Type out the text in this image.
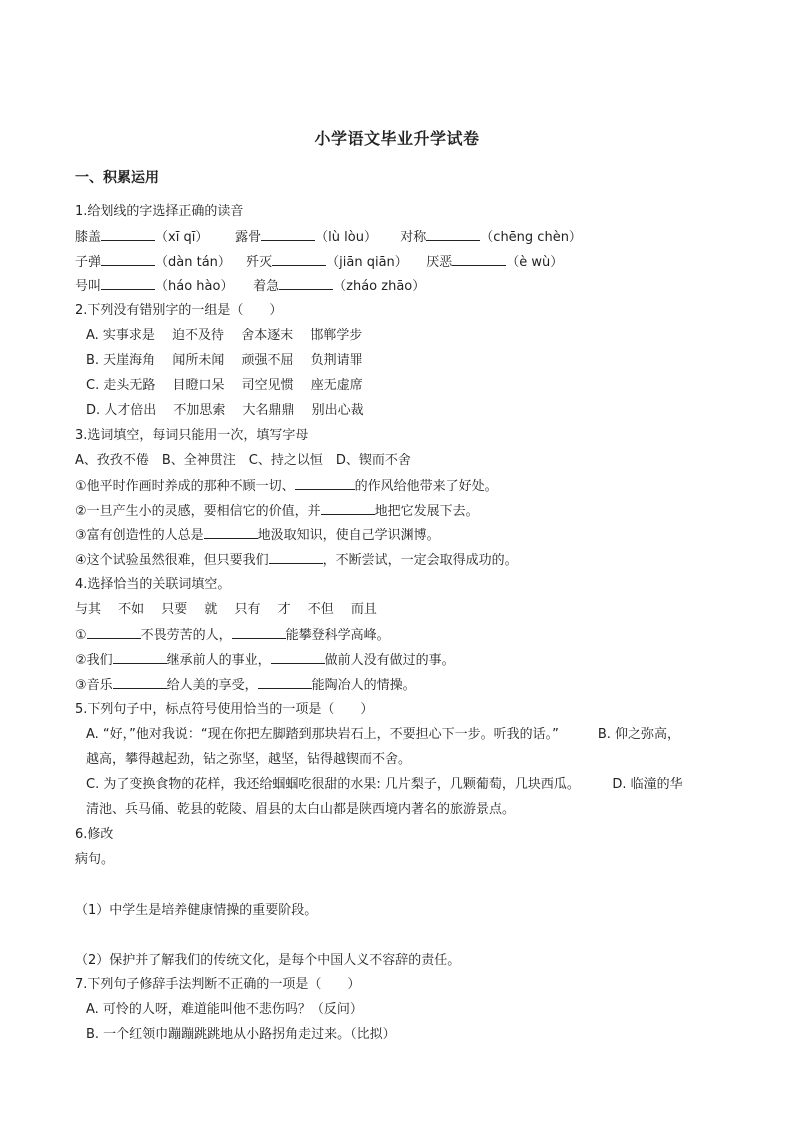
小学语文毕业升学试卷
一、积累运用
1.给划线的字选择正确的读音
膝盖	（xī qī） 露骨	（lù lòu） 对称	（chēng chèn）
子弹	（dàn tán） 歼灭	（jiān qiān） 厌恶	（è wù）
号叫	（háo hào） 着急	（zháo zhāo）
2.下列没有错别字的一组是（　　）
A. 实事求是　 迫不及待　 舍本逐末　 邯郸学步
B. 天崖海角　 闻所未闻　 顽强不屈　 负荆请罪
C. 走头无路　 目瞪口呆　 司空见惯　 座无虚席
D. 人才倍出　 不加思索　 大名鼎鼎　 别出心裁
3.选词填空，每词只能用一次，填写字母
A、孜孜不倦　B、全神贯注　C、持之以恒　D、锲而不舍
①他平时作画时养成的那种不顾一切、	的作风给他带来了好处。
②一旦产生小的灵感，要相信它的价值，并	地把它发展下去。
③富有创造性的人总是	地汲取知识，使自己学识渊博。
④这个试验虽然很难，但只要我们	，不断尝试，一定会取得成功的。
4.选择恰当的关联词填空。
与其　 不如　 只要　 就　 只有　 才　 不但　 而且
①	不畏劳苦的人，	能攀登科学高峰。
②我们	继承前人的事业，	做前人没有做过的事。
③音乐	给人美的享受，	能陶冶人的情操。
5.下列句子中，标点符号使用恰当的一项是（　　）
A. “好，”他对我说：“现在你把左脚踏到那块岩石上，不要担心下一步。听我的话。”　　　B. 仰之弥高，
越高，攀得越起劲，钻之弥坚，越坚，钻得越锲而不舍。
C. 为了变换食物的花样，我还给蝈蝈吃很甜的水果: 几片梨子，几颗葡萄，几块西瓜。　　　D. 临潼的华
清池、兵马俑、乾县的乾陵、眉县的太白山都是陕西境内著名的旅游景点。
6.修改
病句。
（1）中学生是培养健康情操的重要阶段。
（2）保护并了解我们的传统文化，是每个中国人义不容辞的责任。
7.下列句子修辞手法判断不正确的一项是（　　）
A. 可怜的人呀，难道能叫他不悲伤吗？（反问）
B. 一个红领巾蹦蹦跳跳地从小路拐角走过来。（比拟）
